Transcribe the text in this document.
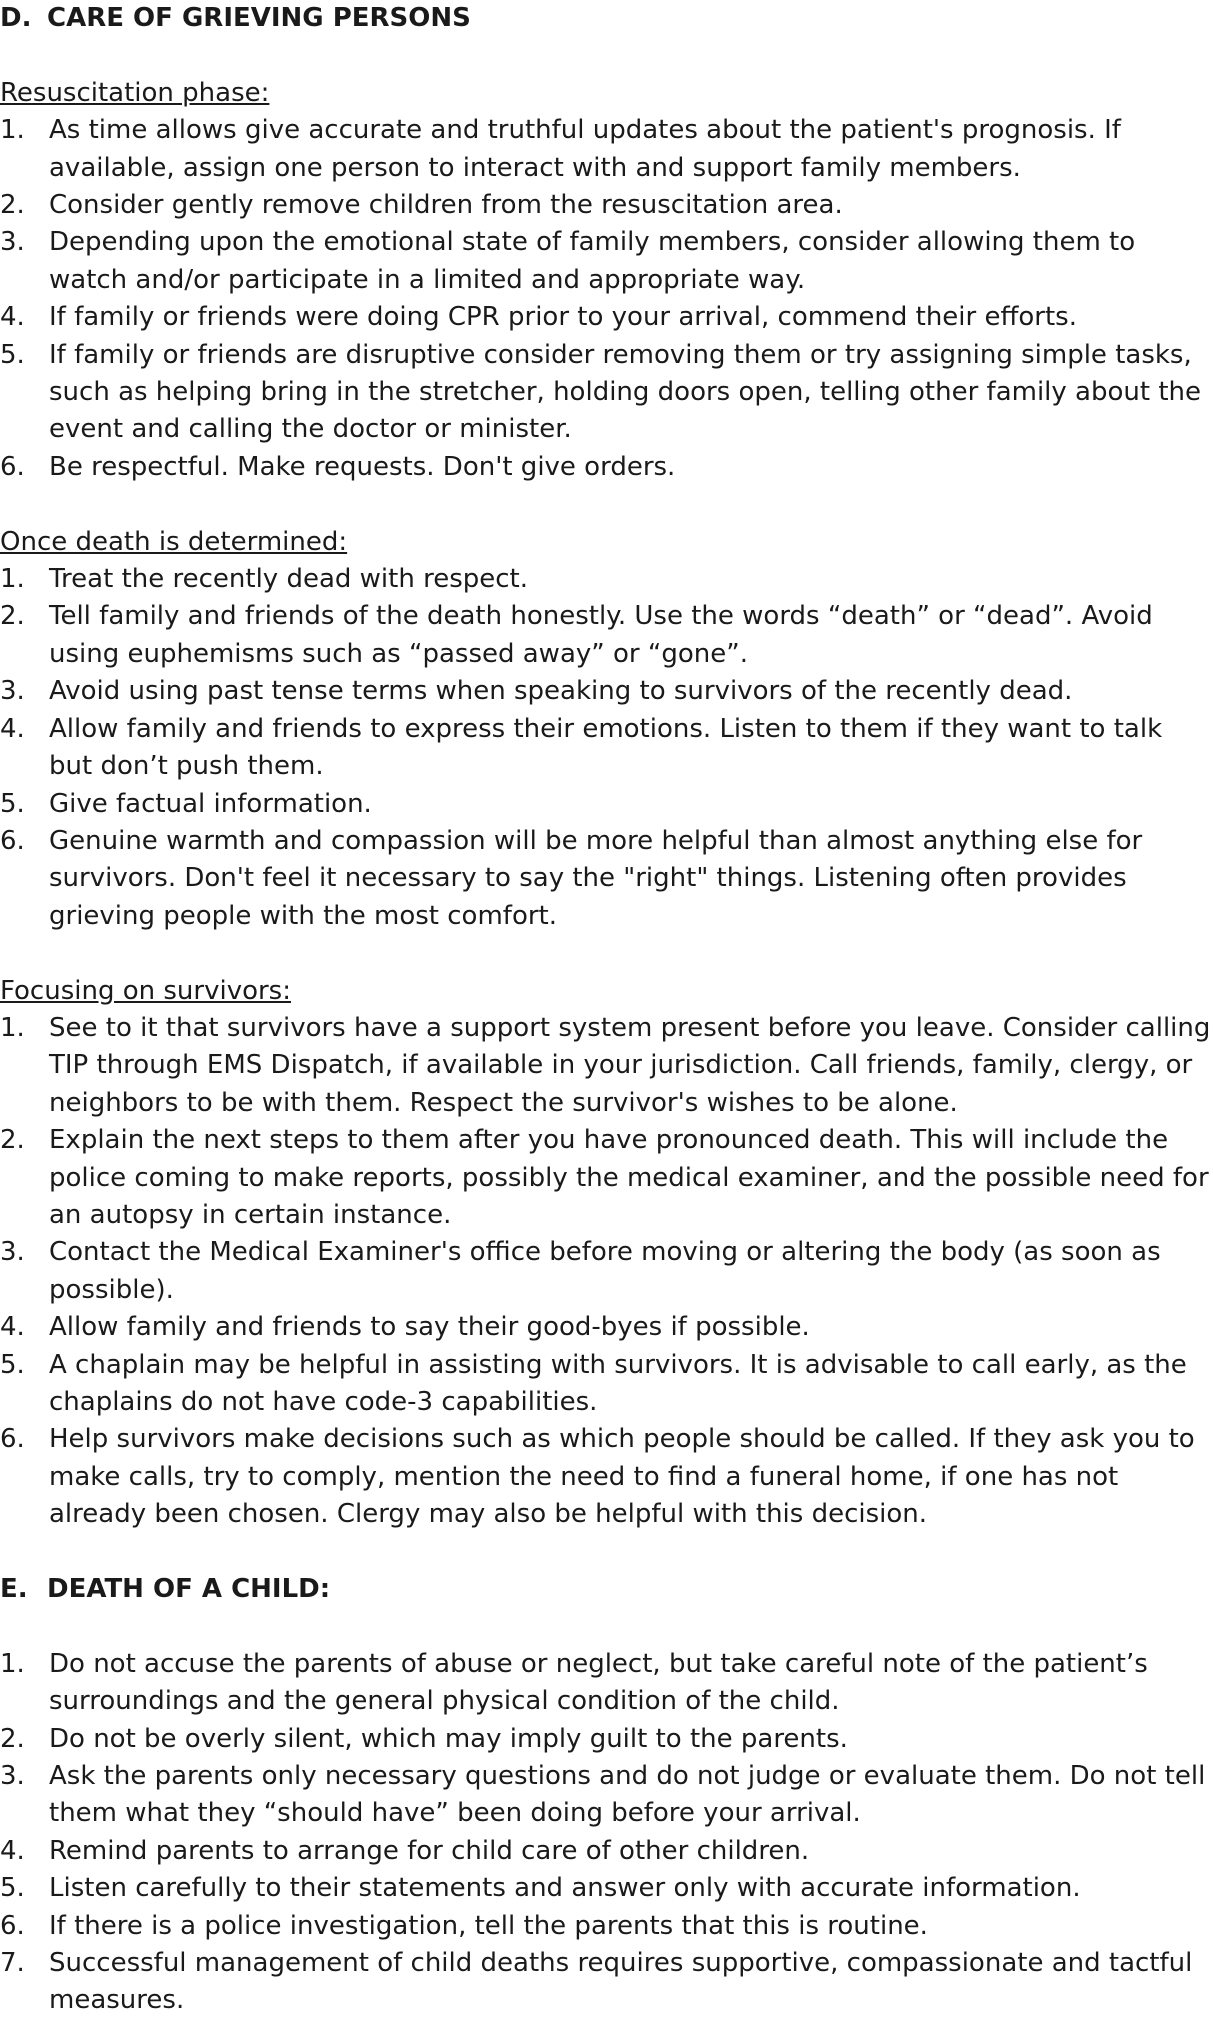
D. CARE OF GRIEVING PERSONS
Resuscitation phase:
1. As time allows give accurate and truthful updates about the patient's prognosis. If available, assign one person to interact with and support family members.
2. Consider gently remove children from the resuscitation area.
3. Depending upon the emotional state of family members, consider allowing them to watch and/or participate in a limited and appropriate way.
4. If family or friends were doing CPR prior to your arrival, commend their efforts.
5. If family or friends are disruptive consider removing them or try assigning simple tasks, such as helping bring in the stretcher, holding doors open, telling other family about the event and calling the doctor or minister.
6. Be respectful. Make requests. Don't give orders.
Once death is determined:
1. Treat the recently dead with respect.
2. Tell family and friends of the death honestly. Use the words “death” or “dead”. Avoid using euphemisms such as “passed away” or “gone”.
3. Avoid using past tense terms when speaking to survivors of the recently dead.
4. Allow family and friends to express their emotions. Listen to them if they want to talk but don’t push them.
5. Give factual information.
6. Genuine warmth and compassion will be more helpful than almost anything else for survivors. Don't feel it necessary to say the "right" things. Listening often provides grieving people with the most comfort.
Focusing on survivors:
1. See to it that survivors have a support system present before you leave. Consider calling TIP through EMS Dispatch, if available in your jurisdiction. Call friends, family, clergy, or neighbors to be with them. Respect the survivor's wishes to be alone.
2. Explain the next steps to them after you have pronounced death. This will include the police coming to make reports, possibly the medical examiner, and the possible need for an autopsy in certain instance.
3. Contact the Medical Examiner's office before moving or altering the body (as soon as possible).
4. Allow family and friends to say their good-byes if possible.
5. A chaplain may be helpful in assisting with survivors. It is advisable to call early, as the chaplains do not have code-3 capabilities.
6. Help survivors make decisions such as which people should be called. If they ask you to make calls, try to comply, mention the need to find a funeral home, if one has not already been chosen. Clergy may also be helpful with this decision.
E. DEATH OF A CHILD:
1. Do not accuse the parents of abuse or neglect, but take careful note of the patient’s surroundings and the general physical condition of the child.
2. Do not be overly silent, which may imply guilt to the parents.
3. Ask the parents only necessary questions and do not judge or evaluate them. Do not tell them what they “should have” been doing before your arrival.
4. Remind parents to arrange for child care of other children.
5. Listen carefully to their statements and answer only with accurate information.
6. If there is a police investigation, tell the parents that this is routine.
7. Successful management of child deaths requires supportive, compassionate and tactful measures.
